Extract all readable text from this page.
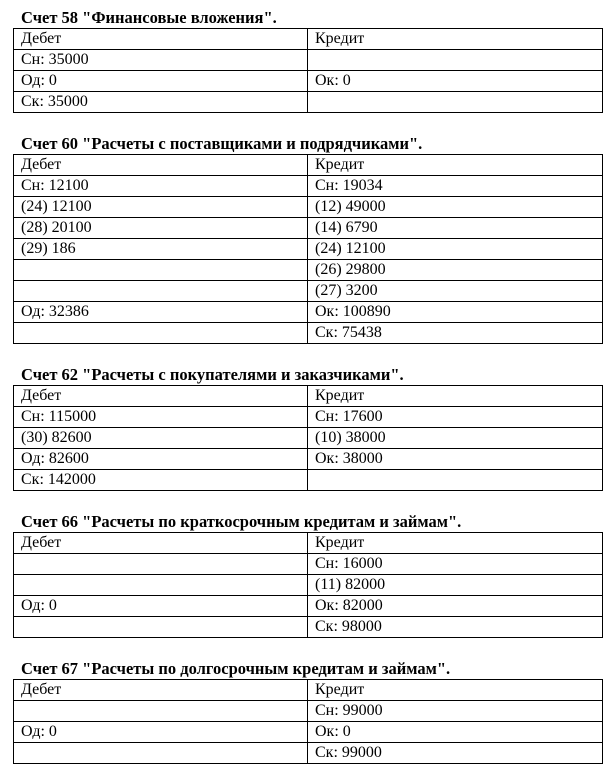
Счет 58 "Финансовые вложения".
Дебет	Кредит
Сн: 35000	
Од: 0	Ок: 0
Ск: 35000	
Счет 60 "Расчеты с поставщиками и подрядчиками".
Дебет	Кредит
Сн: 12100	Сн: 19034
(24) 12100	(12) 49000
(28) 20100	(14) 6790
(29) 186	(24) 12100
	(26) 29800
	(27) 3200
Од: 32386	Ок: 100890
	Ск: 75438
Счет 62 "Расчеты с покупателями и заказчиками".
Дебет	Кредит
Сн: 115000	Сн: 17600
(30) 82600	(10) 38000
Од: 82600	Ок: 38000
Ск: 142000	
Счет 66 "Расчеты по краткосрочным кредитам и займам".
Дебет	Кредит
	Сн: 16000
	(11) 82000
Од: 0	Ок: 82000
	Ск: 98000
Счет 67 "Расчеты по долгосрочным кредитам и займам".
Дебет	Кредит
	Сн: 99000
Од: 0	Ок: 0
	Ск: 99000
